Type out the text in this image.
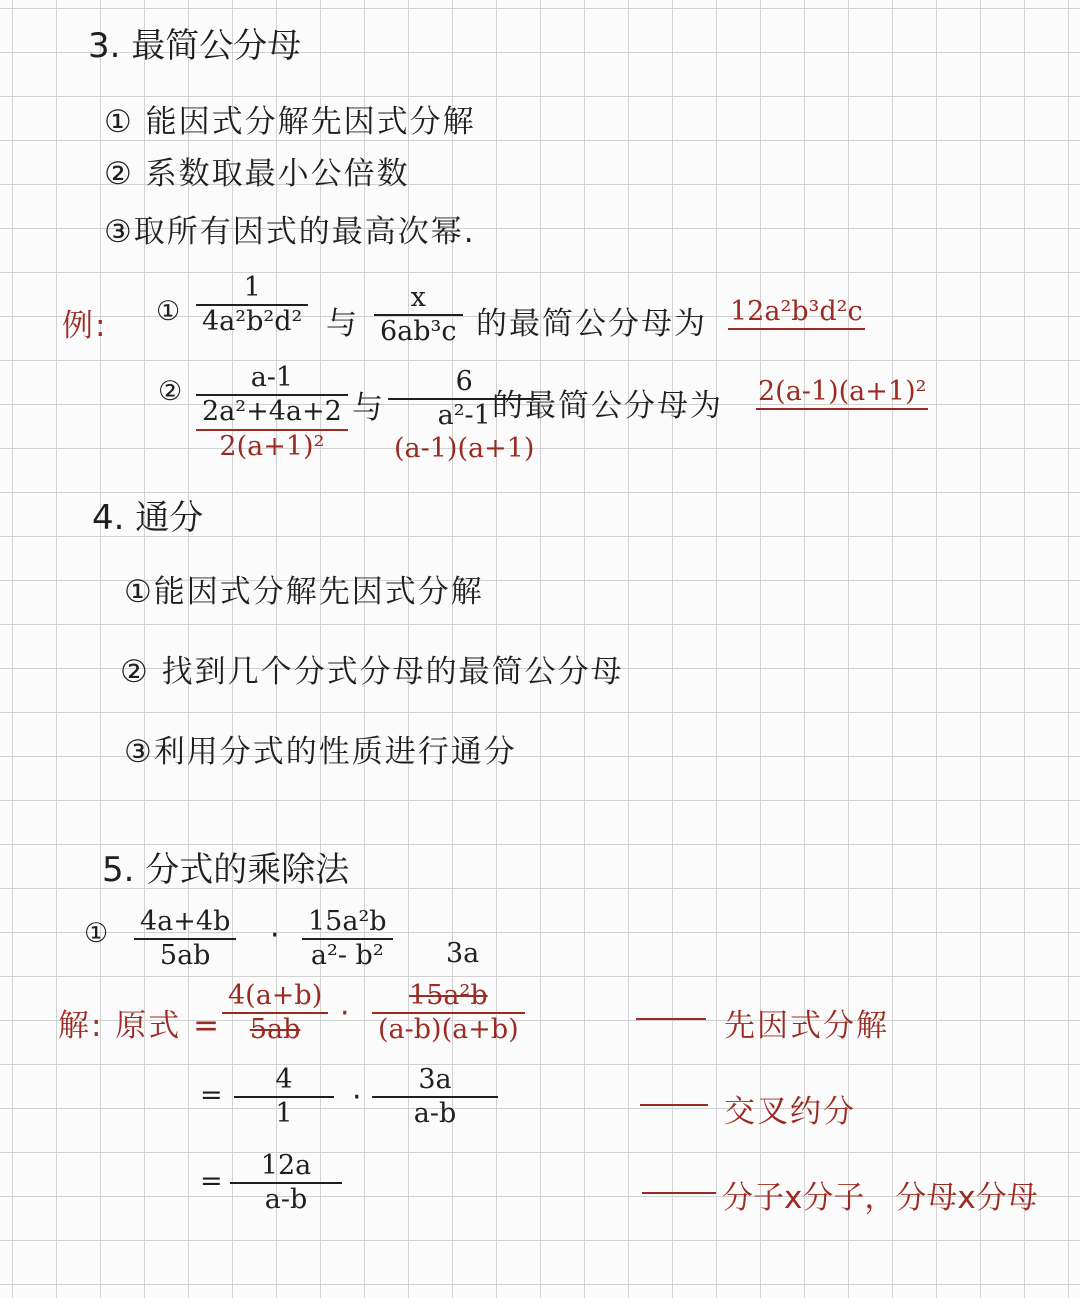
3. 最简公分母
① 能因式分解先因式分解
② 系数取最小公倍数
③取所有因式的最高次幂.
例: ①
1
4a²b²d² 与
x
6ab³c 的最简公分母为 12a²b³d²c
②	a-1
2a²+4a+2
2(a+1)²
与
6
a²-1
(a-1)(a+1)
的最简公分母为 2(a-1)(a+1)²
4. 通分
①能因式分解先因式分解
② 找到几个分式分母的最简公分母
③利用分式的性质进行通分
5. 分式的乘除法
① 4a+4b
5ab
· 15a²b
a²- b² 3a
解: 原式 =
4(a+b)
5ab ·
15a²b
(a-b)(a+b)
=
4
1 ·
3a
a-b
=
12a
a-b
先因式分解
交叉约分
分子x分子，分母x分母
